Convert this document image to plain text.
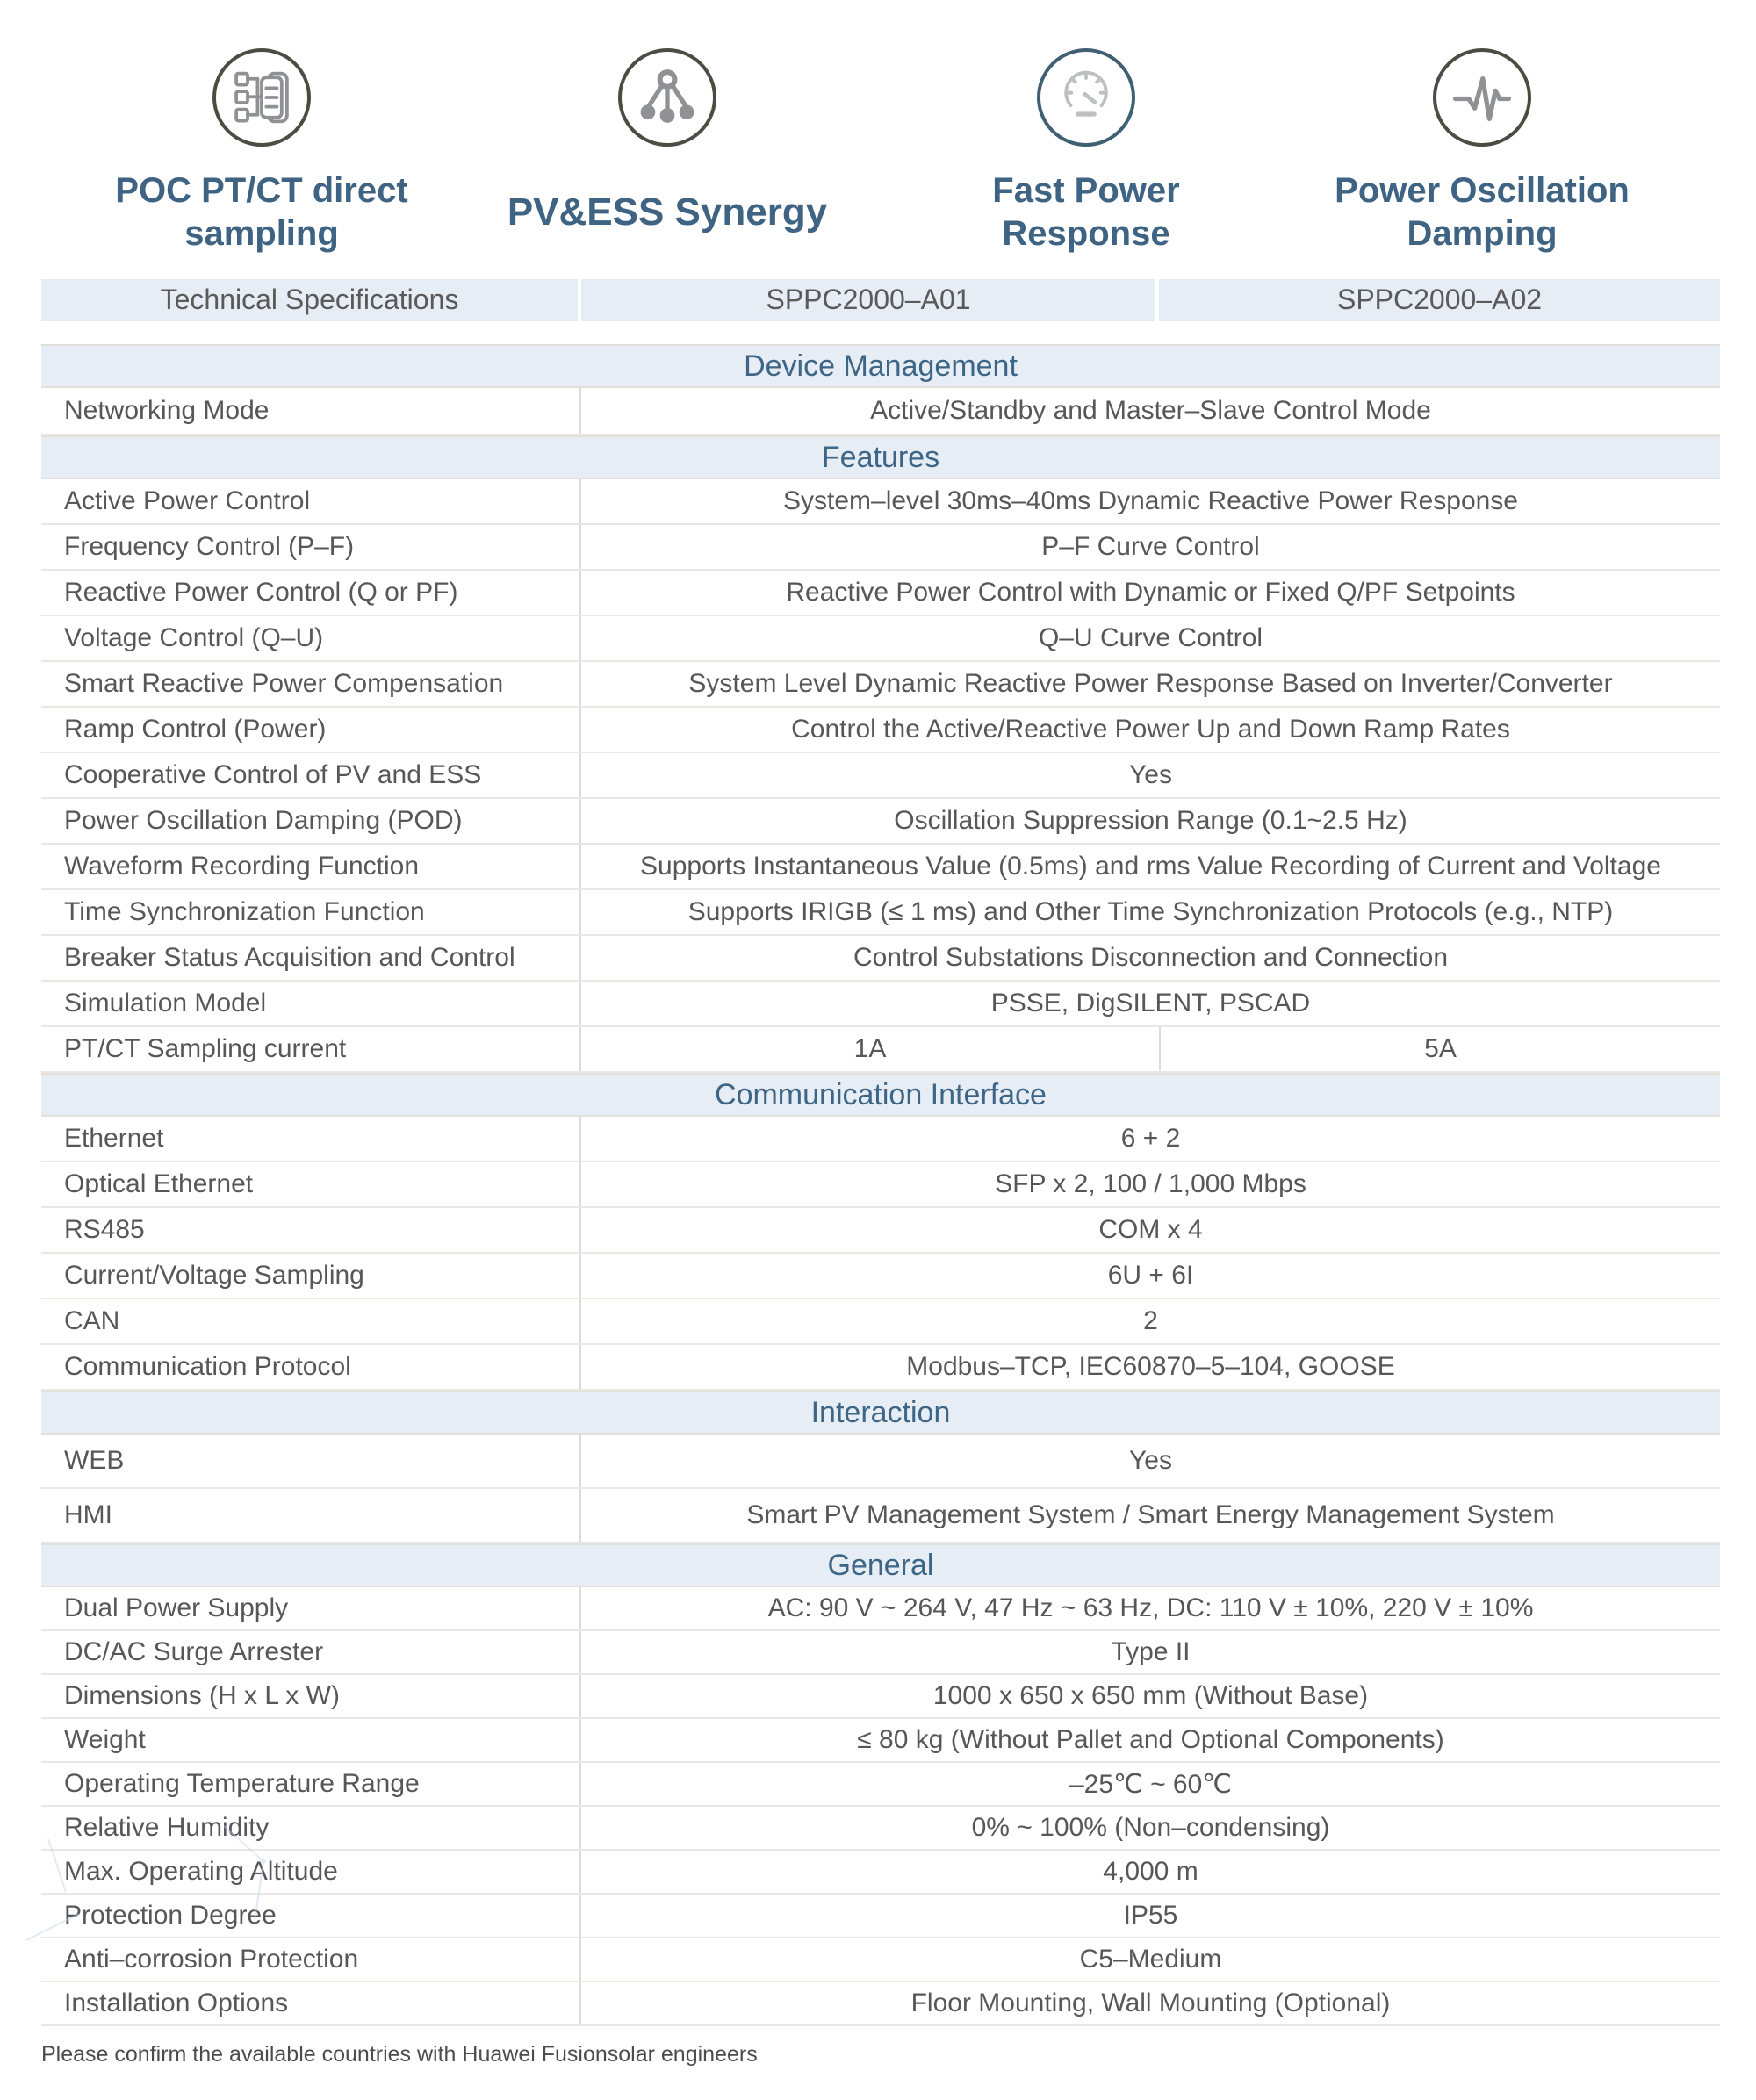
POC PT/CT direct sampling	PV&ESS Synergy	Fast Power Response
Power Oscillation Damping
Technical Specifications	SPPC2000–A01	SPPC2000–A02
Device Management
Networking Mode	Active/Standby and Master–Slave Control Mode
Features
Active Power Control	System–level 30ms–40ms Dynamic Reactive Power Response
Frequency Control (P–F)	P–F Curve Control
Reactive Power Control (Q or PF)	Reactive Power Control with Dynamic or Fixed Q/PF Setpoints
Voltage Control (Q–U)	Q–U Curve Control
Smart Reactive Power Compensation	System Level Dynamic Reactive Power Response Based on Inverter/Converter
Ramp Control (Power)	Control the Active/Reactive Power Up and Down Ramp Rates
Cooperative Control of PV and ESS	Yes
Power Oscillation Damping (POD)	Oscillation Suppression Range (0.1~2.5 Hz)
Waveform Recording Function	Supports Instantaneous Value (0.5ms) and rms Value Recording of Current and Voltage
Time Synchronization Function	Supports IRIGB (≤ 1 ms) and Other Time Synchronization Protocols (e.g., NTP)
Breaker Status Acquisition and Control	Control Substations Disconnection and Connection
Simulation Model	PSSE, DigSILENT, PSCAD
PT/CT Sampling current	1A	5A
Communication Interface
Ethernet	6 + 2
Optical Ethernet	SFP x 2, 100 / 1,000 Mbps
RS485	COM x 4
Current/Voltage Sampling	6U + 6I
CAN	2
Communication Protocol	Modbus–TCP, IEC60870–5–104, GOOSE
Interaction
WEB	Yes
HMI	Smart PV Management System / Smart Energy Management System
General
Dual Power Supply	AC: 90 V ~ 264 V, 47 Hz ~ 63 Hz, DC: 110 V ± 10%, 220 V ± 10%
DC/AC Surge Arrester	Type II
Dimensions (H x L x W)	1000 x 650 x 650 mm (Without Base)
Weight	≤ 80 kg (Without Pallet and Optional Components)
Operating Temperature Range	–25℃ ~ 60℃
Relative Humidity	0% ~ 100% (Non–condensing)
Max. Operating Altitude	4,000 m
Protection Degree	IP55
Anti–corrosion Protection	C5–Medium
Installation Options	Floor Mounting, Wall Mounting (Optional)
Please confirm the available countries with Huawei Fusionsolar engineers
